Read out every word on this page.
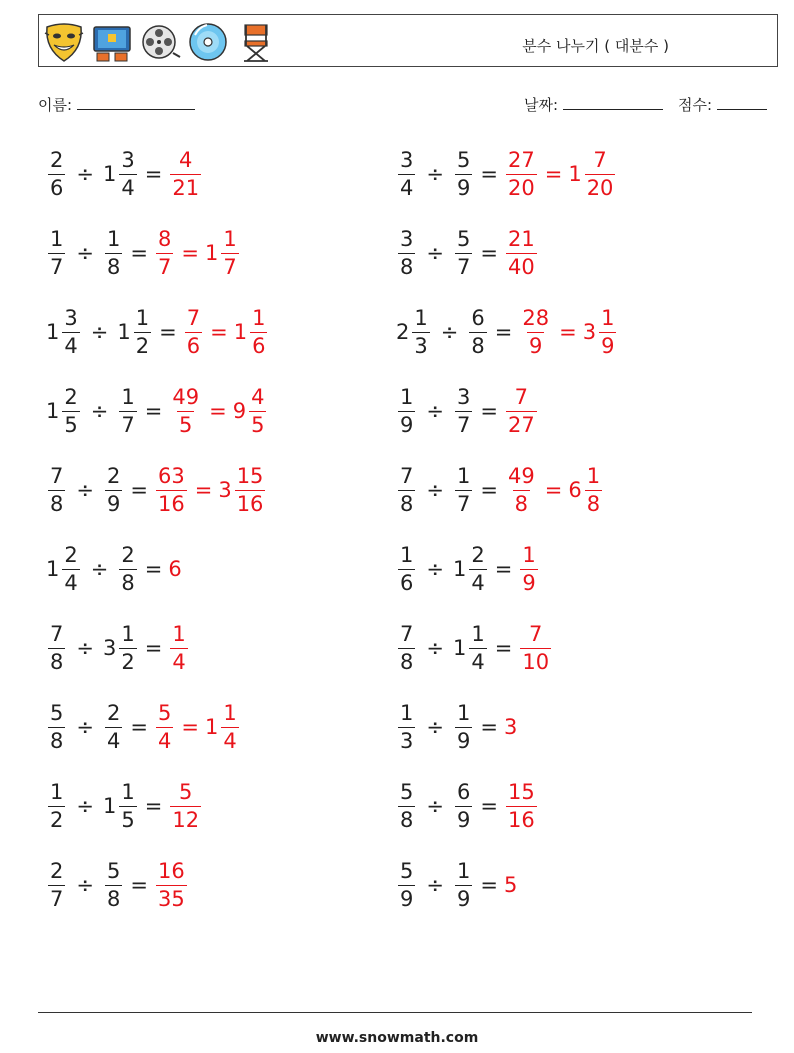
분수 나누기 ( 대분수 )
이름:	날짜:	점수:
$\frac{2}{6} \div 1 \frac{3}{4} = \frac{4}{21}$	$\frac{3}{4} \div \frac{5}{9} = \frac{27}{20} = 1 \frac{7}{20}$
$\frac{1}{7} \div \frac{1}{8} = \frac{8}{7} = 1 \frac{1}{7}$	$\frac{3}{8} \div \frac{5}{7} = \frac{21}{40}$
$1 \frac{3}{4} \div 1 \frac{1}{2} = \frac{7}{6} = 1 \frac{1}{6}$	$2 \frac{1}{3} \div \frac{6}{8} = \frac{28}{9} = 3 \frac{1}{9}$
$1 \frac{2}{5} \div \frac{1}{7} = \frac{49}{5} = 9 \frac{4}{5}$	$\frac{1}{9} \div \frac{3}{7} = \frac{7}{27}$
$\frac{7}{8} \div \frac{2}{9} = \frac{63}{16} = 3 \frac{15}{16}$	$\frac{7}{8} \div \frac{1}{7} = \frac{49}{8} = 6 \frac{1}{8}$
$1 \frac{2}{4} \div \frac{2}{8} = 6$	$\frac{1}{6} \div 1 \frac{2}{4} = \frac{1}{9}$
$\frac{7}{8} \div 3 \frac{1}{2} = \frac{1}{4}$	$\frac{7}{8} \div 1 \frac{1}{4} = \frac{7}{10}$
$\frac{5}{8} \div \frac{2}{4} = \frac{5}{4} = 1 \frac{1}{4}$	$\frac{1}{3} \div \frac{1}{9} = 3$
$\frac{1}{2} \div 1 \frac{1}{5} = \frac{5}{12}$	$\frac{5}{8} \div \frac{6}{9} = \frac{15}{16}$
$\frac{2}{7} \div \frac{5}{8} = \frac{16}{35}$	$\frac{5}{9} \div \frac{1}{9} = 5$
www.snowmath.com
